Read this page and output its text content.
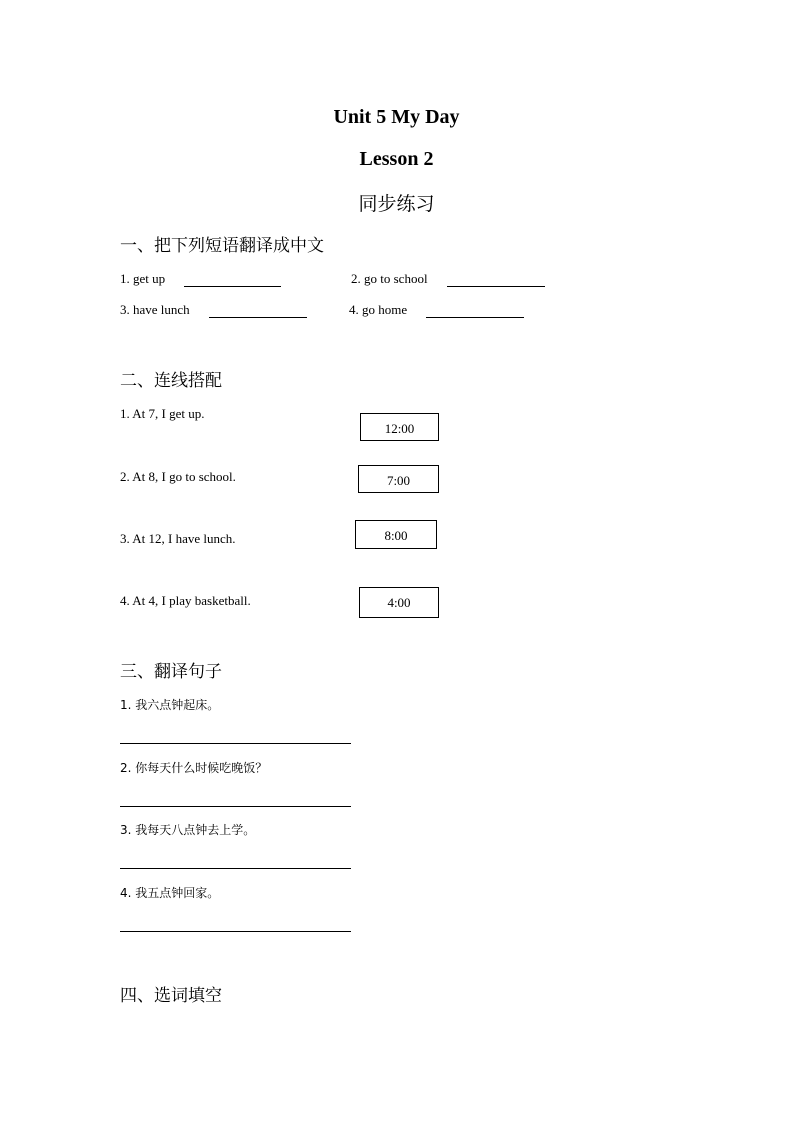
Unit 5 My Day
Lesson 2
同步练习
一、把下列短语翻译成中文
1. get up	2. go to school
3. have lunch	4. go home
二、连线搭配
1. At 7, I get up.
2. At 8, I go to school.
3. At 12, I have lunch.
4. At 4, I play basketball.
12:00
7:00
8:00
4:00
三、翻译句子
1. 我六点钟起床。
2. 你每天什么时候吃晚饭？
3. 我每天八点钟去上学。
4. 我五点钟回家。
四、选词填空
